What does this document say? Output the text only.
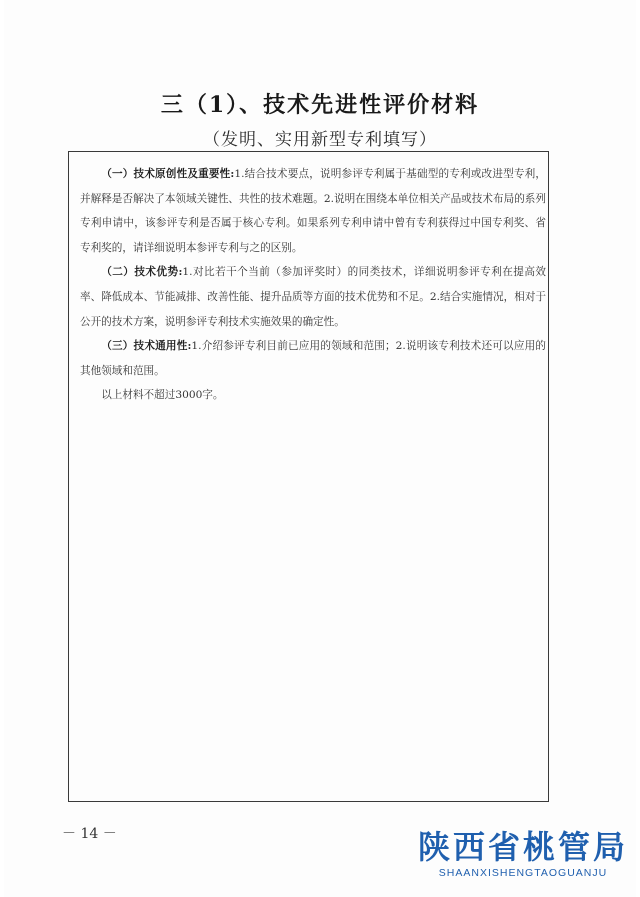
三（1）、技术先进性评价材料
（发明、实用新型专利填写）

（一）技术原创性及重要性:1.结合技术要点，说明参评专利属于基础型的专利或改进型专利，并解释是否解决了本领域关键性、共性的技术难题。2.说明在围绕本单位相关产品或技术布局的系列专利申请中，该参评专利是否属于核心专利。如果系列专利申请中曾有专利获得过中国专利奖、省专利奖的，请详细说明本参评专利与之的区别。

（二）技术优势:1.对比若干个当前（参加评奖时）的同类技术，详细说明参评专利在提高效率、降低成本、节能减排、改善性能、提升品质等方面的技术优势和不足。2.结合实施情况，相对于公开的技术方案，说明参评专利技术实施效果的确定性。

（三）技术通用性:1.介绍参评专利目前已应用的领域和范围；2.说明该专利技术还可以应用的其他领域和范围。

以上材料不超过3000字。

－ 14 －	陕西省桃管局
SHAANXISHENGTAOGUANJU
